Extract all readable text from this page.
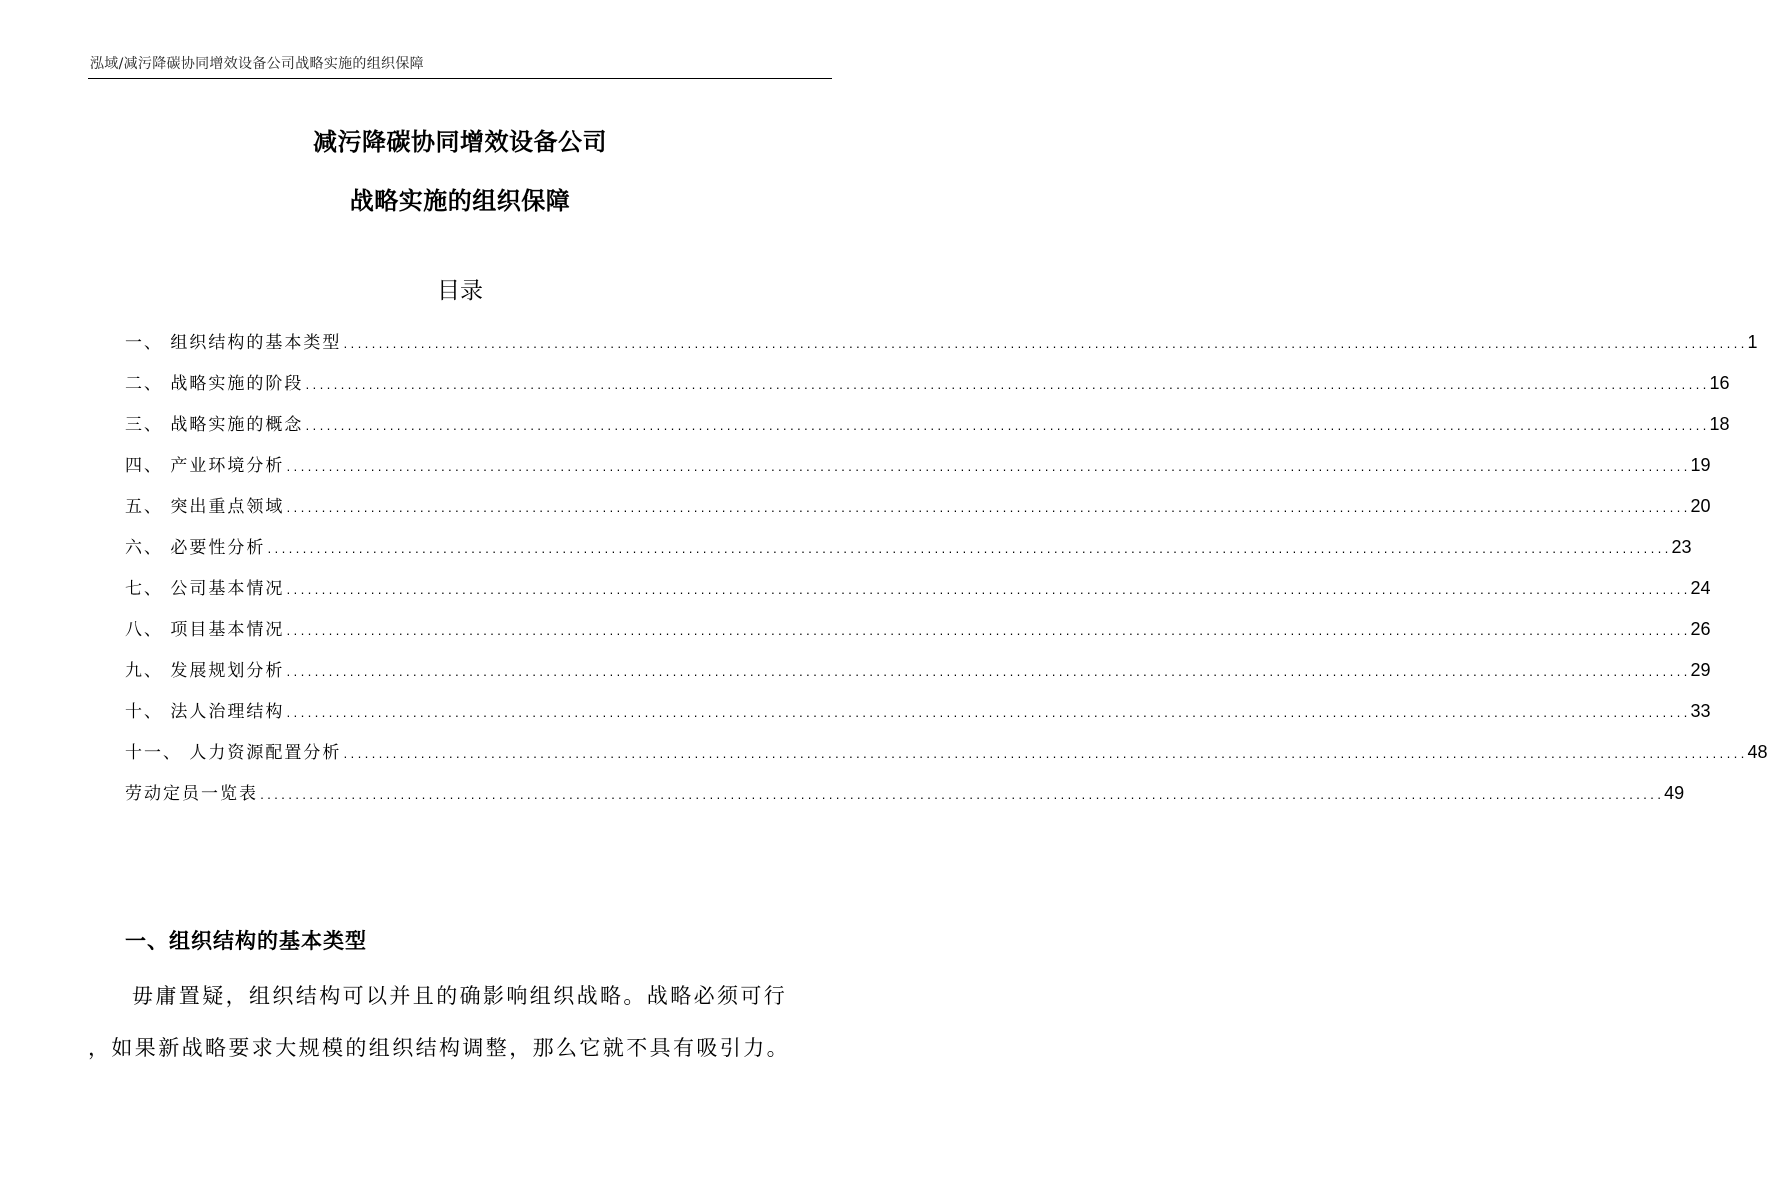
泓域/减污降碳协同增效设备公司战略实施的组织保障
减污降碳协同增效设备公司
战略实施的组织保障
目录
一、 组织结构的基本类型 ........................................................................................................................................................................................................ 1
二、 战略实施的阶段 ........................................................................................................................................................................................................ 16
三、 战略实施的概念 ........................................................................................................................................................................................................ 18
四、 产业环境分析 ........................................................................................................................................................................................................ 19
五、 突出重点领域 ........................................................................................................................................................................................................ 20
六、 必要性分析 ........................................................................................................................................................................................................ 23
七、 公司基本情况 ........................................................................................................................................................................................................ 24
八、 项目基本情况 ........................................................................................................................................................................................................ 26
九、 发展规划分析 ........................................................................................................................................................................................................ 29
十、 法人治理结构 ........................................................................................................................................................................................................ 33
十一、 人力资源配置分析 ........................................................................................................................................................................................................ 48
劳动定员一览表 ........................................................................................................................................................................................................ 49
一、组织结构的基本类型
毋庸置疑，组织结构可以并且的确影响组织战略。战略必须可行
，如果新战略要求大规模的组织结构调整，那么它就不具有吸引力。
